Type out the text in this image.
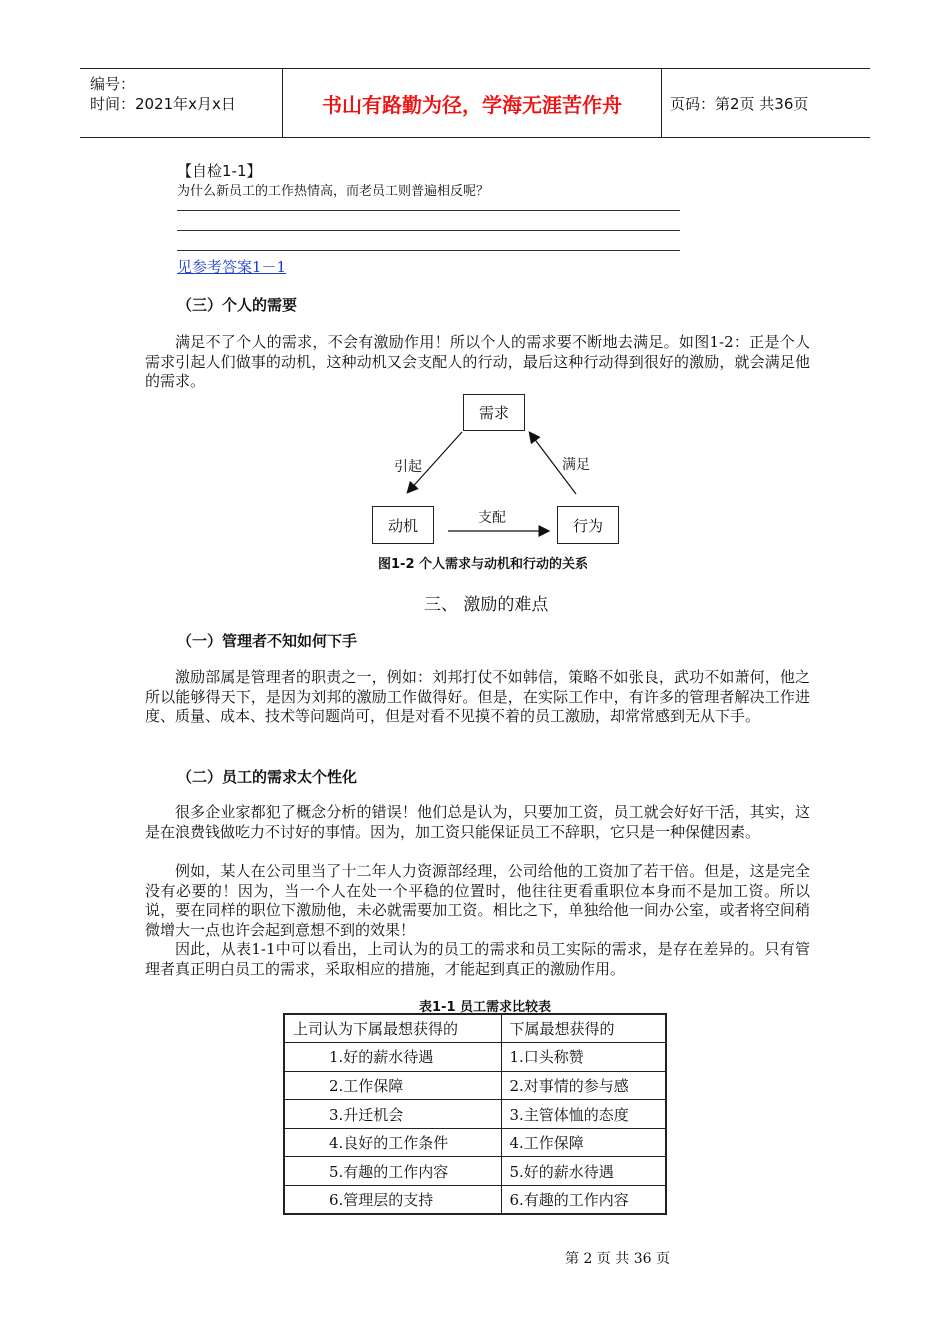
编号：
时间：2021年x月x日	书山有路勤为径，学海无涯苦作舟	页码：第2页 共36页
【自检1-1】
为什么新员工的工作热情高，而老员工则普遍相反呢？
见参考答案1－1
（三）个人的需要
满足不了个人的需求，不会有激励作用！所以个人的需求要不断地去满足。如图1-2：正是个人需求引起人们做事的动机，这种动机又会支配人的行动，最后这种行动得到很好的激励，就会满足他的需求。
需求
动机	行为
引起	满足
支配
图1-2 个人需求与动机和行动的关系
三、 激励的难点
（一）管理者不知如何下手
激励部属是管理者的职责之一，例如：刘邦打仗不如韩信，策略不如张良，武功不如萧何，他之所以能够得天下，是因为刘邦的激励工作做得好。但是，在实际工作中，有许多的管理者解决工作进度、质量、成本、技术等问题尚可，但是对看不见摸不着的员工激励，却常常感到无从下手。
（二）员工的需求太个性化
很多企业家都犯了概念分析的错误！他们总是认为，只要加工资，员工就会好好干活，其实，这是在浪费钱做吃力不讨好的事情。因为，加工资只能保证员工不辞职，它只是一种保健因素。
例如，某人在公司里当了十二年人力资源部经理，公司给他的工资加了若干倍。但是，这是完全没有必要的！因为，当一个人在处一个平稳的位置时，他往往更看重职位本身而不是加工资。所以说，要在同样的职位下激励他，未必就需要加工资。相比之下，单独给他一间办公室，或者将空间稍微增大一点也许会起到意想不到的效果！
因此，从表1-1中可以看出，上司认为的员工的需求和员工实际的需求，是存在差异的。只有管理者真正明白员工的需求，采取相应的措施，才能起到真正的激励作用。
表1-1 员工需求比较表
上司认为下属最想获得的	下属最想获得的
1.好的薪水待遇	1.口头称赞
2.工作保障	2.对事情的参与感
3.升迁机会	3.主管体恤的态度
4.良好的工作条件	4.工作保障
5.有趣的工作内容	5.好的薪水待遇
6.管理层的支持	6.有趣的工作内容
第 2 页 共 36 页
